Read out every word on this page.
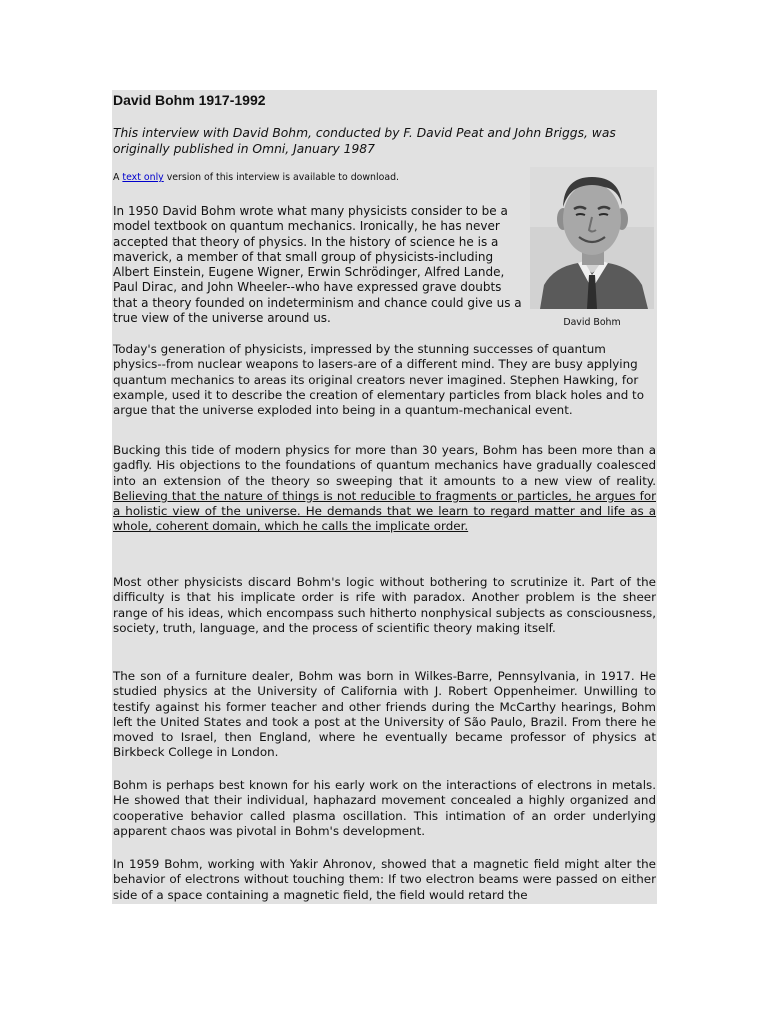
David Bohm 1917-1992

This interview with David Bohm, conducted by F. David Peat and John Briggs, was originally published in Omni, January 1987

A text only version of this interview is available to download.

David Bohm

In 1950 David Bohm wrote what many physicists consider to be a model textbook on quantum mechanics. Ironically, he has never accepted that theory of physics. In the history of science he is a maverick, a member of that small group of physicists-including Albert Einstein, Eugene Wigner, Erwin Schrödinger, Alfred Lande, Paul Dirac, and John Wheeler--who have expressed grave doubts that a theory founded on indeterminism and chance could give us a true view of the universe around us.

Today's generation of physicists, impressed by the stunning successes of quantum physics--from nuclear weapons to lasers-are of a different mind. They are busy applying quantum mechanics to areas its original creators never imagined. Stephen Hawking, for example, used it to describe the creation of elementary particles from black holes and to argue that the universe exploded into being in a quantum-mechanical event.

Bucking this tide of modern physics for more than 30 years, Bohm has been more than a gadfly. His objections to the foundations of quantum mechanics have gradually coalesced into an extension of the theory so sweeping that it amounts to a new view of reality. Believing that the nature of things is not reducible to fragments or particles, he argues for a holistic view of the universe. He demands that we learn to regard matter and life as a whole, coherent domain, which he calls the implicate order.

Most other physicists discard Bohm's logic without bothering to scrutinize it. Part of the difficulty is that his implicate order is rife with paradox. Another problem is the sheer range of his ideas, which encompass such hitherto nonphysical subjects as consciousness, society, truth, language, and the process of scientific theory making itself.

The son of a furniture dealer, Bohm was born in Wilkes-Barre, Pennsylvania, in 1917. He studied physics at the University of California with J. Robert Oppenheimer. Unwilling to testify against his former teacher and other friends during the McCarthy hearings, Bohm left the United States and took a post at the University of São Paulo, Brazil. From there he moved to Israel, then England, where he eventually became professor of physics at Birkbeck College in London.

Bohm is perhaps best known for his early work on the interactions of electrons in metals. He showed that their individual, haphazard movement concealed a highly organized and cooperative behavior called plasma oscillation. This intimation of an order underlying apparent chaos was pivotal in Bohm's development.

In 1959 Bohm, working with Yakir Ahronov, showed that a magnetic field might alter the behavior of electrons without touching them: If two electron beams were passed on either side of a space containing a magnetic field, the field would retard the
